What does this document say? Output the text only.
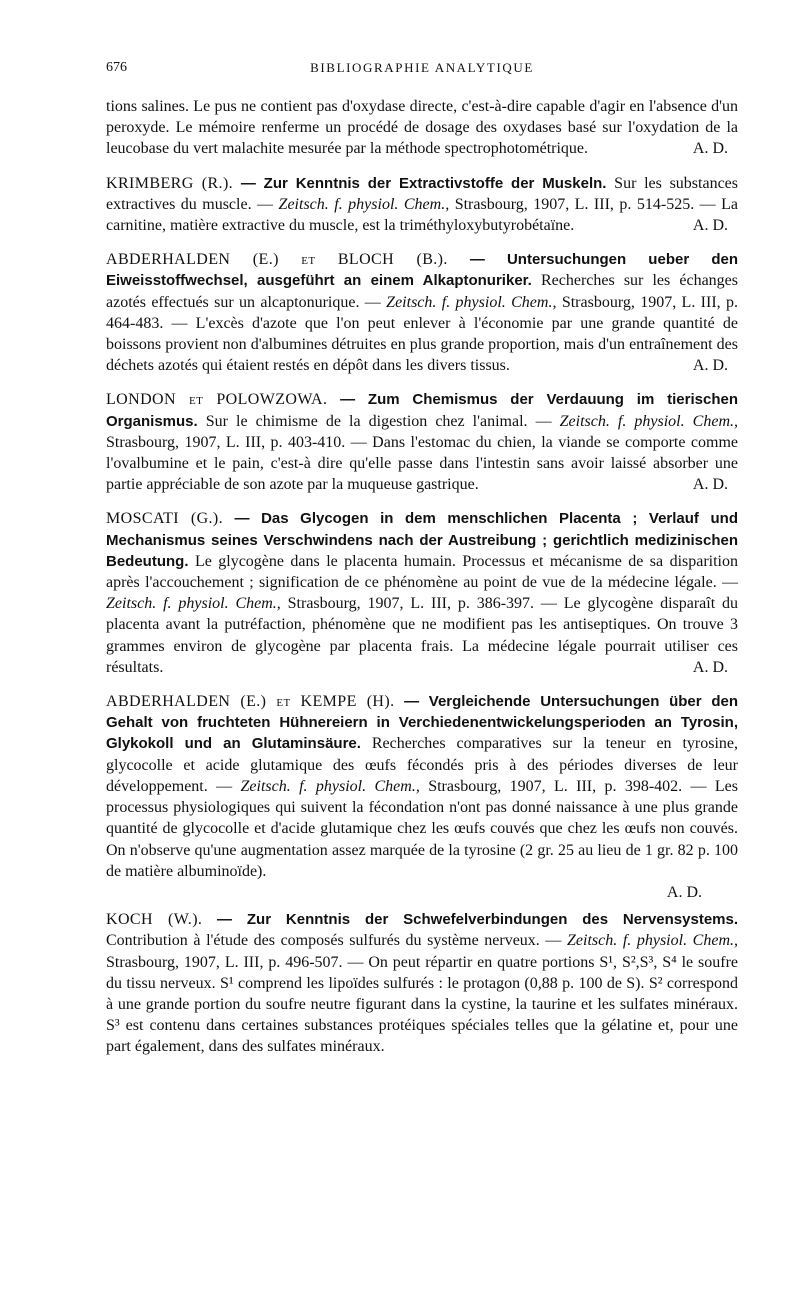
676	BIBLIOGRAPHIE ANALYTIQUE

tions salines. Le pus ne contient pas d'oxydase directe, c'est-à-dire capable d'agir en l'absence d'un peroxyde. Le mémoire renferme un procédé de dosage des oxydases basé sur l'oxydation de la leucobase du vert malachite mesurée par la méthode spectrophotométrique.	A. D.

KRIMBERG (R.). — Zur Kenntnis der Extractivstoffe der Muskeln. Sur les substances extractives du muscle. — Zeitsch. f. physiol. Chem., Strasbourg, 1907, L. III, p. 514-525. — La carnitine, matière extractive du muscle, est la triméthyloxybutyrobétaïne.	A. D.

ABDERHALDEN (E.) et BLOCH (B.). — Untersuchungen ueber den Eiweisstoffwechsel, ausgeführt an einem Alkaptonuriker. Recherches sur les échanges azotés effectués sur un alcaptonurique. — Zeitsch. f. physiol. Chem., Strasbourg, 1907, L. III, p. 464-483. — L'excès d'azote que l'on peut enlever à l'économie par une grande quantité de boissons provient non d'albumines détruites en plus grande proportion, mais d'un entraînement des déchets azotés qui étaient restés en dépôt dans les divers tissus.	A. D.

LONDON et POLOWZOWA. — Zum Chemismus der Verdauung im tierischen Organismus. Sur le chimisme de la digestion chez l'animal. — Zeitsch. f. physiol. Chem., Strasbourg, 1907, L. III, p. 403-410. — Dans l'estomac du chien, la viande se comporte comme l'ovalbumine et le pain, c'est-à dire qu'elle passe dans l'intestin sans avoir laissé absorber une partie appréciable de son azote par la muqueuse gastrique.	A. D.

MOSCATI (G.). — Das Glycogen in dem menschlichen Placenta ; Verlauf und Mechanismus seines Verschwindens nach der Austreibung ; gerichtlich medizinischen Bedeutung. Le glycogène dans le placenta humain. Processus et mécanisme de sa disparition après l'accouchement ; signification de ce phénomène au point de vue de la médecine légale. — Zeitsch. f. physiol. Chem., Strasbourg, 1907, L. III, p. 386-397. — Le glycogène disparaît du placenta avant la putréfaction, phénomène que ne modifient pas les antiseptiques. On trouve 3 grammes environ de glycogène par placenta frais. La médecine légale pourrait utiliser ces résultats.	A. D.

ABDERHALDEN (E.) et KEMPE (H). — Vergleichende Untersuchungen über den Gehalt von fruchteten Hühnereiern in Verchiedenentwickelungsperioden an Tyrosin, Glykokoll und an Glutaminsäure. Recherches comparatives sur la teneur en tyrosine, glycocolle et acide glutamique des œufs fécondés pris à des périodes diverses de leur développement. — Zeitsch. f. physiol. Chem., Strasbourg, 1907, L. III, p. 398-402. — Les processus physiologiques qui suivent la fécondation n'ont pas donné naissance à une plus grande quantité de glycocolle et d'acide glutamique chez les œufs couvés que chez les œufs non couvés. On n'observe qu'une augmentation assez marquée de la tyrosine (2 gr. 25 au lieu de 1 gr. 82 p. 100 de matière albuminoïde).

A. D.

KOCH (W.). — Zur Kenntnis der Schwefelverbindungen des Nervensystems. Contribution à l'étude des composés sulfurés du système nerveux. — Zeitsch. f. physiol. Chem., Strasbourg, 1907, L. III, p. 496-507. — On peut répartir en quatre portions S¹, S²,S³, S⁴ le soufre du tissu nerveux. S¹ comprend les lipoïdes sulfurés : le protagon (0,88 p. 100 de S). S² correspond à une grande portion du soufre neutre figurant dans la cystine, la taurine et les sulfates minéraux. S³ est contenu dans certaines substances protéiques spéciales telles que la gélatine et, pour une part également, dans des sulfates minéraux.
